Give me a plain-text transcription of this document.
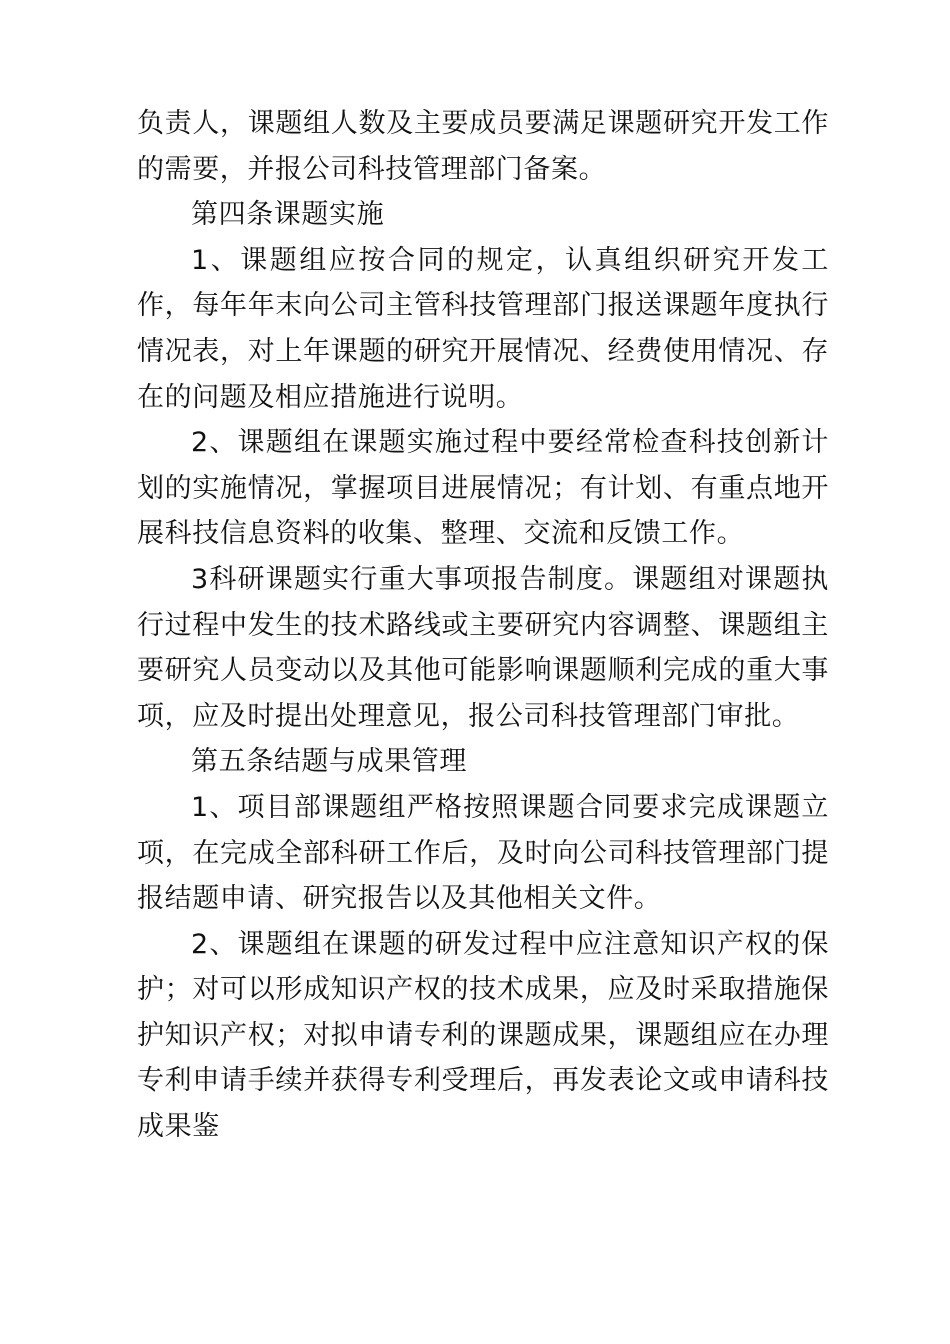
负责人，课题组人数及主要成员要满足课题研究开发工作的需要，并报公司科技管理部门备案。

第四条课题实施

1、课题组应按合同的规定，认真组织研究开发工作，每年年末向公司主管科技管理部门报送课题年度执行情况表，对上年课题的研究开展情况、经费使用情况、存在的问题及相应措施进行说明。

2、课题组在课题实施过程中要经常检查科技创新计划的实施情况，掌握项目进展情况；有计划、有重点地开展科技信息资料的收集、整理、交流和反馈工作。

3科研课题实行重大事项报告制度。课题组对课题执行过程中发生的技术路线或主要研究内容调整、课题组主要研究人员变动以及其他可能影响课题顺利完成的重大事项，应及时提出处理意见，报公司科技管理部门审批。

第五条结题与成果管理

1、项目部课题组严格按照课题合同要求完成课题立项，在完成全部科研工作后，及时向公司科技管理部门提报结题申请、研究报告以及其他相关文件。

2、课题组在课题的研发过程中应注意知识产权的保护；对可以形成知识产权的技术成果，应及时采取措施保护知识产权；对拟申请专利的课题成果，课题组应在办理专利申请手续并获得专利受理后，再发表论文或申请科技成果鉴
